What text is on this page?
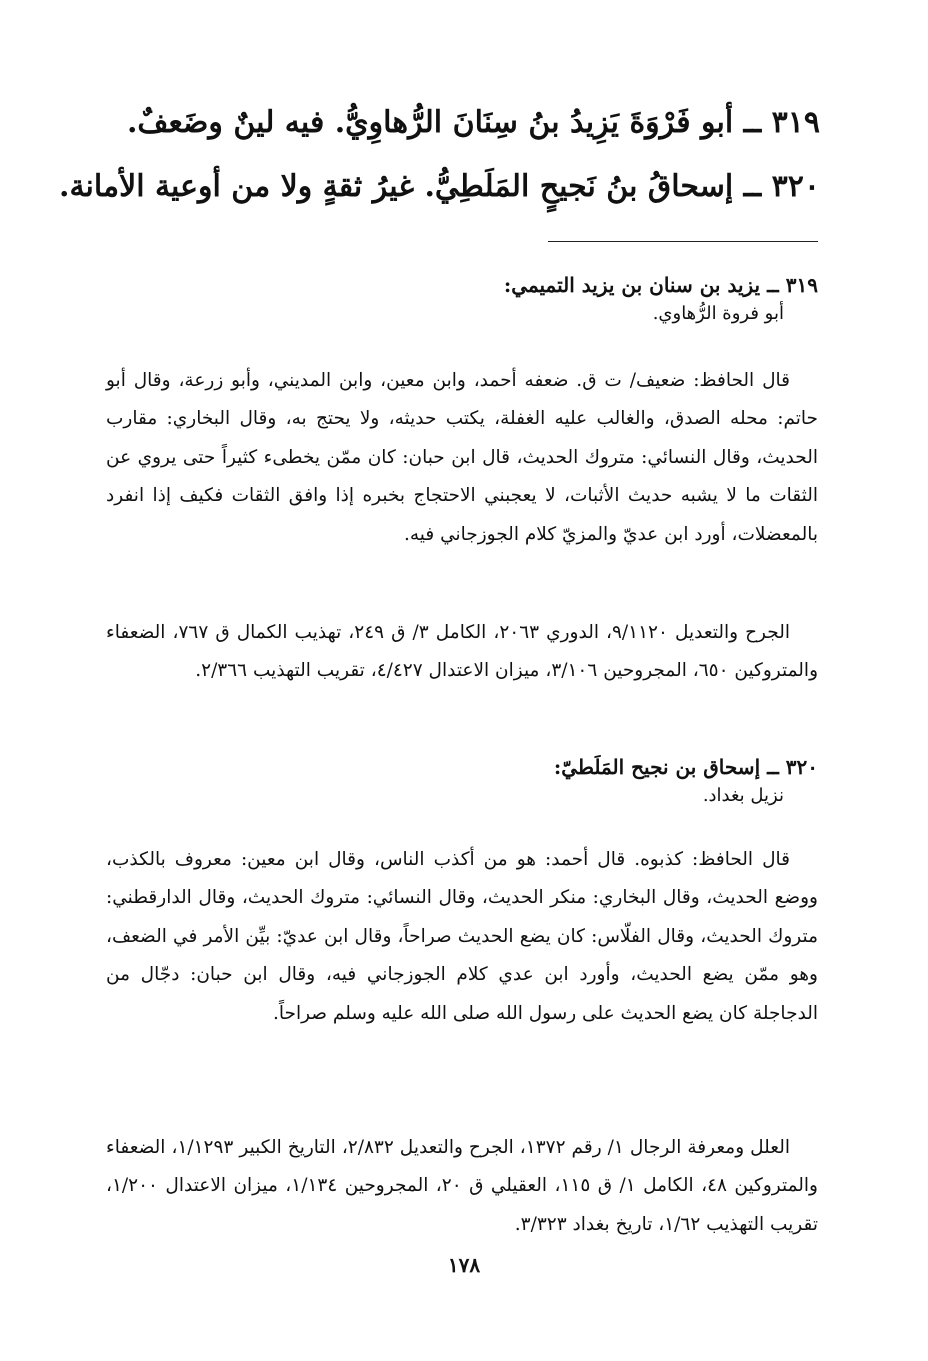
٣١٩ ــ أبو فَرْوَةَ يَزِيدُ بنُ سِنَانَ الرُّهاوِيُّ. فيه لينٌ وضَعفٌ.
٣٢٠ ــ إسحاقُ بنُ نَجيحٍ المَلَطِيُّ. غيرُ ثقةٍ ولا من أوعية الأمانة.
٣١٩ ــ يزيد بن سنان بن يزيد التميمي:
أبو فروة الرُّهاوي.
قال الحافظ: ضعيف/ ت ق. ضعفه أحمد، وابن معين، وابن المديني، وأبو زرعة، وقال أبو حاتم: محله الصدق، والغالب عليه الغفلة، يكتب حديثه، ولا يحتج به، وقال البخاري: مقارب الحديث، وقال النسائي: متروك الحديث، قال ابن حبان: كان ممّن يخطىء كثيراً حتى يروي عن الثقات ما لا يشبه حديث الأثبات، لا يعجبني الاحتجاج بخبره إذا وافق الثقات فكيف إذا انفرد بالمعضلات، أورد ابن عديّ والمزيّ كلام الجوزجاني فيه.
الجرح والتعديل ٩/١١٢٠، الدوري ٢٠٦٣، الكامل ٣/ ق ٢٤٩، تهذيب الكمال ق ٧٦٧، الضعفاء والمتروكين ٦٥٠، المجروحين ٣/١٠٦، ميزان الاعتدال ٤/٤٢٧، تقريب التهذيب ٢/٣٦٦.
٣٢٠ ــ إسحاق بن نجيح المَلَطيّ:
نزيل بغداد.
قال الحافظ: كذبوه. قال أحمد: هو من أكذب الناس، وقال ابن معين: معروف بالكذب، ووضع الحديث، وقال البخاري: منكر الحديث، وقال النسائي: متروك الحديث، وقال الدارقطني: متروك الحديث، وقال الفلّاس: كان يضع الحديث صراحاً، وقال ابن عديّ: بيِّن الأمر في الضعف، وهو ممّن يضع الحديث، وأورد ابن عدي كلام الجوزجاني فيه، وقال ابن حبان: دجّال من الدجاجلة كان يضع الحديث على رسول الله صلى الله عليه وسلم صراحاً.
العلل ومعرفة الرجال ١/ رقم ١٣٧٢، الجرح والتعديل ٢/٨٣٢، التاريخ الكبير ١/١٢٩٣، الضعفاء والمتروكين ٤٨، الكامل ١/ ق ١١٥، العقيلي ق ٢٠، المجروحين ١/١٣٤، ميزان الاعتدال ١/٢٠٠، تقريب التهذيب ١/٦٢، تاريخ بغداد ٣/٣٢٣.
١٧٨
